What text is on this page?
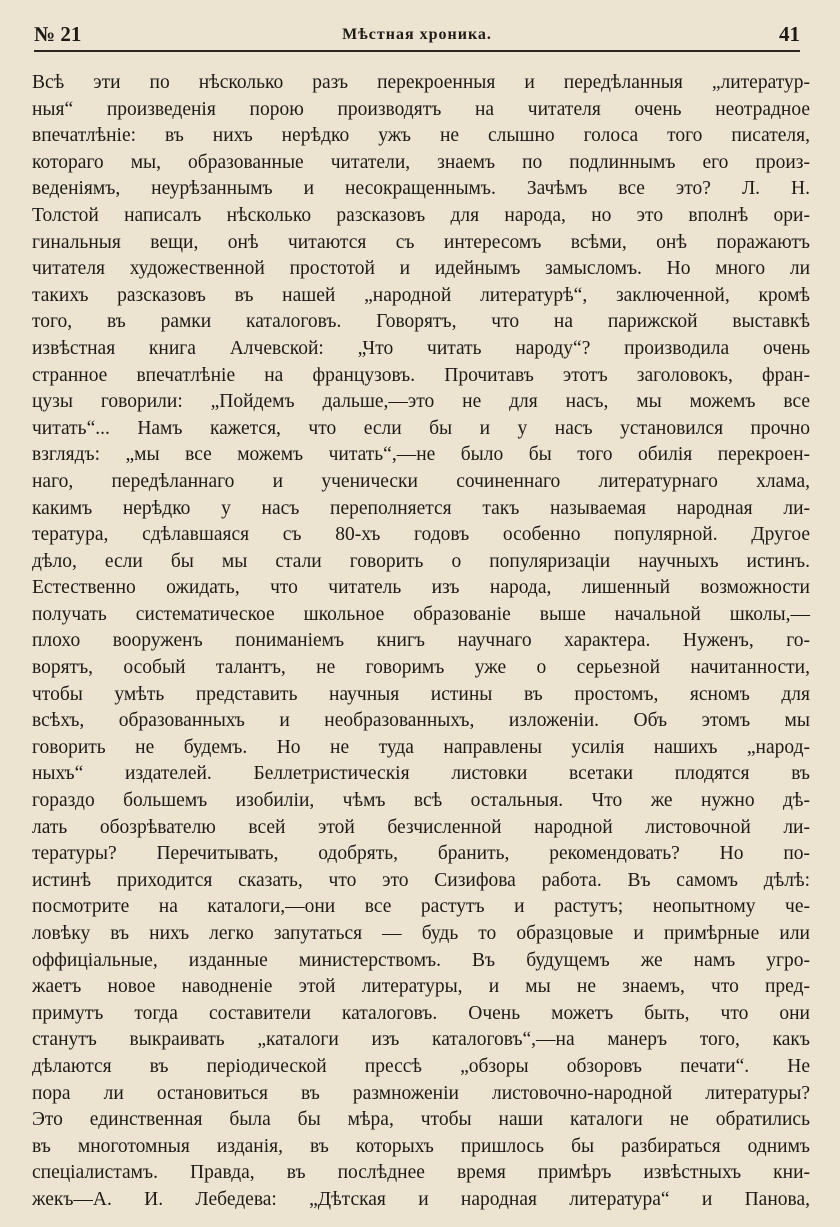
№ 21	Мѣстная хроника.	41
Всѣ эти по нѣсколько разъ перекроенныя и передѣланныя „литератур-
ныя“ произведенія порою производятъ на читателя очень неотрадное
впечатлѣніе: въ нихъ нерѣдко ужъ не слышно голоса того писателя,
котораго мы, образованные читатели, знаемъ по подлиннымъ его произ-
веденіямъ, неурѣзаннымъ и несокращеннымъ. Зачѣмъ все это? Л. Н.
Толстой написалъ нѣсколько разсказовъ для народа, но это вполнѣ ори-
гинальныя вещи, онѣ читаются съ интересомъ всѣми, онѣ поражаютъ
читателя художественной простотой и идейнымъ замысломъ. Но много ли
такихъ разсказовъ въ нашей „народной литературѣ“, заключенной, кромѣ
того, въ рамки каталоговъ. Говорятъ, что на парижской выставкѣ
извѣстная книга Алчевской: „Что читать народу“? производила очень
странное впечатлѣніе на французовъ. Прочитавъ этотъ заголовокъ, фран-
цузы говорили: „Пойдемъ дальше,—это не для насъ, мы можемъ все
читать“... Намъ кажется, что если бы и у насъ установился прочно
взглядъ: „мы все можемъ читать“,—не было бы того обилія перекроен-
наго, передѣланнаго и ученически сочиненнаго литературнаго хлама,
какимъ нерѣдко у насъ переполняется такъ называемая народная ли-
тература, сдѣлавшаяся съ 80-хъ годовъ особенно популярной. Другое
дѣло, если бы мы стали говорить о популяризаціи научныхъ истинъ.
Естественно ожидать, что читатель изъ народа, лишенный возможности
получать систематическое школьное образованіе выше начальной школы,—
плохо вооруженъ пониманіемъ книгъ научнаго характера. Нуженъ, го-
ворятъ, особый талантъ, не говоримъ уже о серьезной начитанности,
чтобы умѣть представить научныя истины въ простомъ, ясномъ для
всѣхъ, образованныхъ и необразованныхъ, изложеніи. Объ этомъ мы
говорить не будемъ. Но не туда направлены усилія нашихъ „народ-
ныхъ“ издателей. Беллетристическія листовки всетаки плодятся въ
гораздо большемъ изобиліи, чѣмъ всѣ остальныя. Что же нужно дѣ-
лать обозрѣвателю всей этой безчисленной народной листовочной ли-
тературы? Перечитывать, одобрять, бранить, рекомендовать? Но по-
истинѣ приходится сказать, что это Сизифова работа. Въ самомъ дѣлѣ:
посмотрите на каталоги,—они все растутъ и растутъ; неопытному че-
ловѣку въ нихъ легко запутаться — будь то образцовые и примѣрные или
оффиціальные, изданные министерствомъ. Въ будущемъ же намъ угро-
жаетъ новое наводненіе этой литературы, и мы не знаемъ, что пред-
примутъ тогда составители каталоговъ. Очень можетъ быть, что они
станутъ выкраивать „каталоги изъ каталоговъ“,—на манеръ того, какъ
дѣлаются въ періодической прессѣ „обзоры обзоровъ печати“. Не
пора ли остановиться въ размноженіи листовочно-народной литературы?
Это единственная была бы мѣра, чтобы наши каталоги не обратились
въ многотомныя изданія, въ которыхъ пришлось бы разбираться однимъ
спеціалистамъ. Правда, въ послѣднее время примѣръ извѣстныхъ кни-
жекъ—А. И. Лебедева: „Дѣтская и народная литература“ и Панова,
